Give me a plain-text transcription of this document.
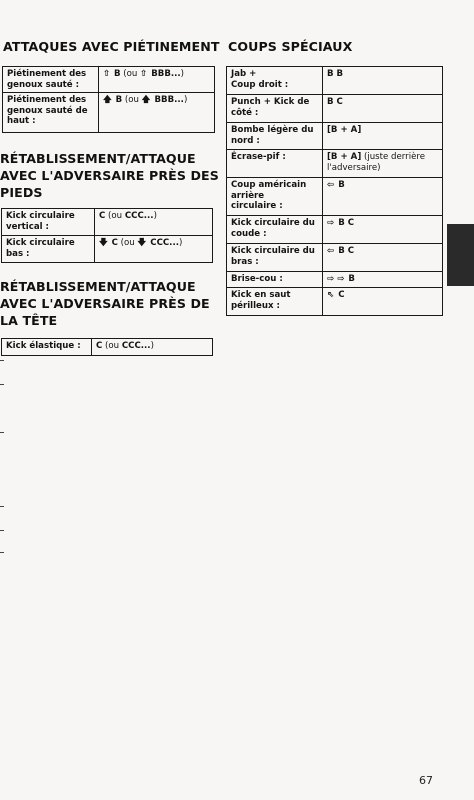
ATTAQUES AVEC PIÉTINEMENT COUPS SPÉCIAUX
RÉTABLISSEMENT/ATTAQUE
AVEC L'ADVERSAIRE PRÈS DES
PIEDS
RÉTABLISSEMENT/ATTAQUE
AVEC L'ADVERSAIRE PRÈS DE
LA TÊTE
Piétinement des
genoux sauté :	⇧ B (ou ⇧ BBB...)
Piétinement des
genoux sauté de
haut :	🡅 B (ou 🡅 BBB...)
Kick circulaire
vertical :	C (ou CCC...)
Kick circulaire
bas :	🡇 C (ou 🡇 CCC...)
Kick élastique :	C (ou CCC...)
Jab +
Coup droit :	B B
Punch + Kick de
côté :	B C
Bombe légère du
nord :	[B + A]
Écrase-pif :	[B + A] (juste derrière
l'adversaire)
Coup américain
arrière
circulaire :	⇦ B
Kick circulaire du
coude :	⇨ B C
Kick circulaire du
bras :	⇦ B C
Brise-cou :	⇨ ⇨ B
Kick en saut
périlleux :	⇖ C
67
